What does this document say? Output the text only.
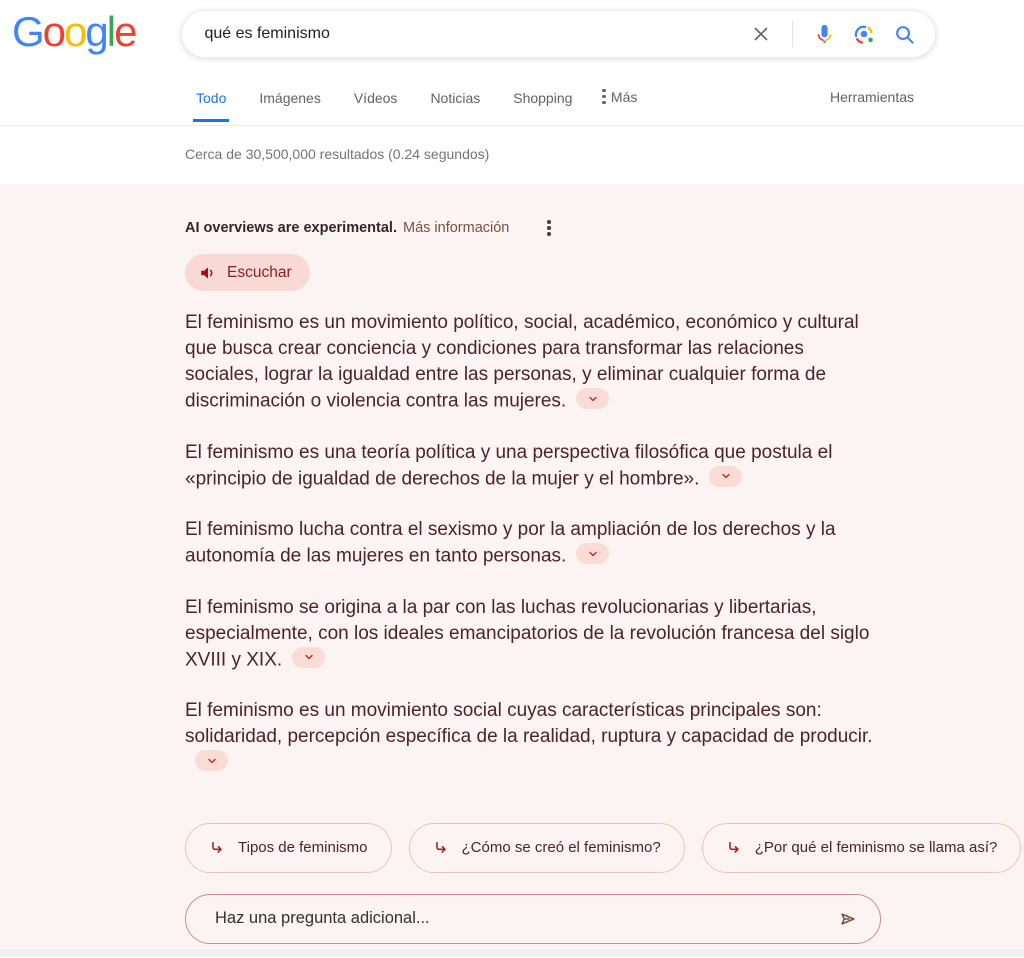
Google
qué es feminismo
Todo Imágenes Vídeos Noticias Shopping	Más	Herramientas
Cerca de 30,500,000 resultados (0.24 segundos)
AI overviews are experimental. Más información
Escuchar

El feminismo es un movimiento político, social, académico, económico y cultural que busca crear conciencia y condiciones para transformar las relaciones sociales, lograr la igualdad entre las personas, y eliminar cualquier forma de discriminación o violencia contra las mujeres.

El feminismo es una teoría política y una perspectiva filosófica que postula el «principio de igualdad de derechos de la mujer y el hombre».

El feminismo lucha contra el sexismo y por la ampliación de los derechos y la autonomía de las mujeres en tanto personas.

El feminismo se origina a la par con las luchas revolucionarias y libertarias, especialmente, con los ideales emancipatorios de la revolución francesa del siglo XVIII y XIX.

El feminismo es un movimiento social cuyas características principales son: solidaridad, percepción específica de la realidad, ruptura y capacidad de producir.

Tipos de feminismo	¿Cómo se creó el feminismo?	¿Por qué el feminismo se llama así?
Haz una pregunta adicional...
